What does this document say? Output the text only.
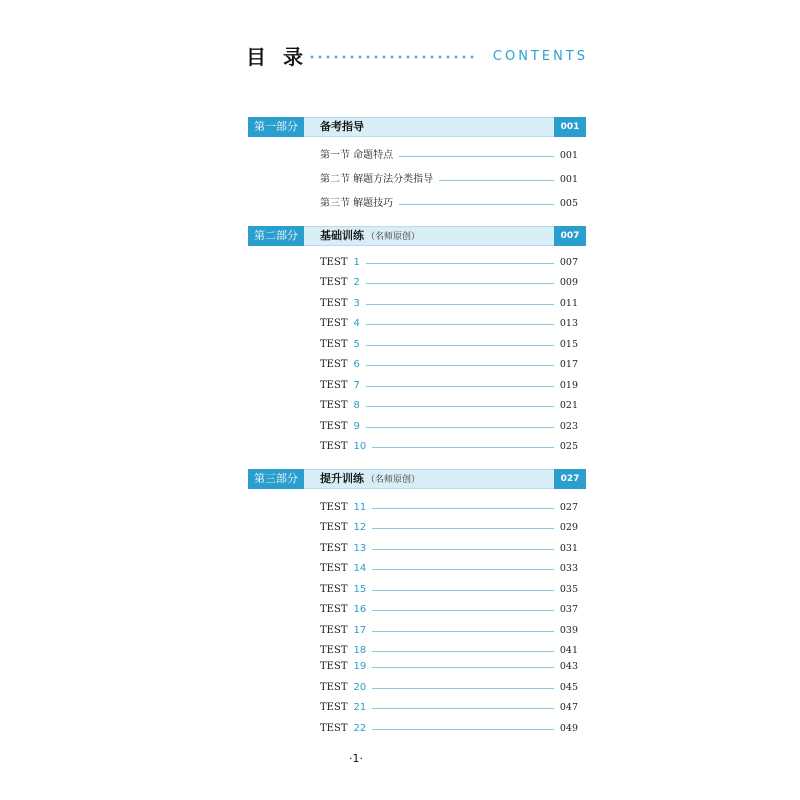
目 录	CONTENTS
第一部分	备考指导	001
第一节 命题特点	001
第二节 解题方法分类指导	001
第三节 解题技巧	005
第二部分	基础训练 （名师原创）	007
TEST 1	007
TEST 2	009
TEST 3	011
TEST 4	013
TEST 5	015
TEST 6	017
TEST 7	019
TEST 8	021
TEST 9	023
TEST 10	025
第三部分	提升训练 （名师原创）	027
TEST 11	027
TEST 12	029
TEST 13	031
TEST 14	033
TEST 15	035
TEST 16	037
TEST 17	039
TEST 18	041
TEST 19	043
TEST 20	045
TEST 21	047
TEST 22	049
·1·
